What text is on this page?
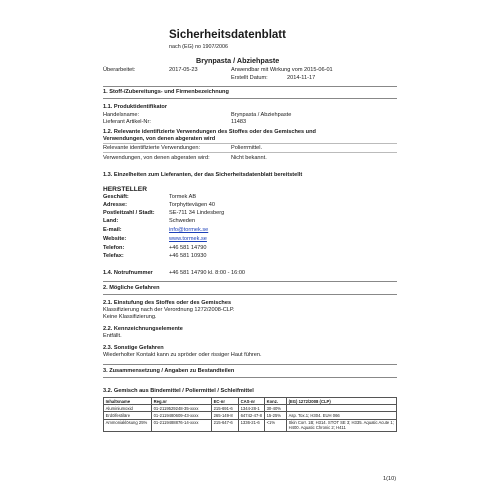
Sicherheitsdatenblatt
nach (EG) no 1907/2006
Brynpasta / Abziehpaste
Überarbeitet:	2017-05-23	Anwendbar mit Wirkung vom 2015-06-01
Erstellt Datum:	2014-11-17
1. Stoff-/Zubereitungs- und Firmenbezeichnung
1.1. Produktidentifikator
Handelsname:	Brynpasta / Abziehpaste
Lieferant Artikel-Nr:	11483
1.2. Relevante identifizierte Verwendungen des Stoffes oder des Gemisches und
Verwendungen, von denen abgeraten wird
Relevante identifizierte Verwendungen:	Polierrmittel.
Verwendungen, von denen abgeraten wird:	Nicht bekannt.
1.3. Einzelheiten zum Lieferanten, der das Sicherheitsdatenblatt bereitstellt
HERSTELLER
Geschäft:	Tormek AB
Adresse:	Torphyttevägen 40
Postleitzahl / Stadt:	SE-711 34 Lindesberg
Land:	Schweden
E-mail:	info@tormek.se
Website:	www.tormek.se
Telefon:	+46 581 14790
Telefax:	+46 581 10930
1.4. Notrufnummer	+46 581 14790 kl. 8:00 - 16:00
2. Mögliche Gefahren
2.1. Einstufung des Stoffes oder des Gemisches
Klassifizierung nach der Verordnung 1272/2008-CLP.
Keine Klassifizierung.
2.2. Kennzeichnungselemente
Entfällt.
2.3. Sonstige Gefahren
Wiederholter Kontakt kann zu spröder oder rissiger Haut führen.
3. Zusammensetzung / Angaben zu Bestandteilen
3.2. Gemisch aus Bindemittel / Poliermittel / Schleifmittel
Inhaltsname	Reg.nr	EC-nr	CAS-nr	Konz.	(EG) 1272/2008 (CLP)
Aluminiumoxid	01-2119529248-35-xxxx	215-691-6	1344-28-1	30-40%	
Erdölfestiläre	01-2119480609-43-xxxx	265-149-8	64742-47-8	15-25%	Asp. Tox.1; H304. EUH 066
Ammoniaklösung 25%	01-2119488876-14-xxxx	215-647-6	1336-21-6	<1%	Skin Corr. 1B; H314. STOT SE 3; H335. Aquatic Acute 1; H400. Aquatic Chronic 2; H411
1(10)
